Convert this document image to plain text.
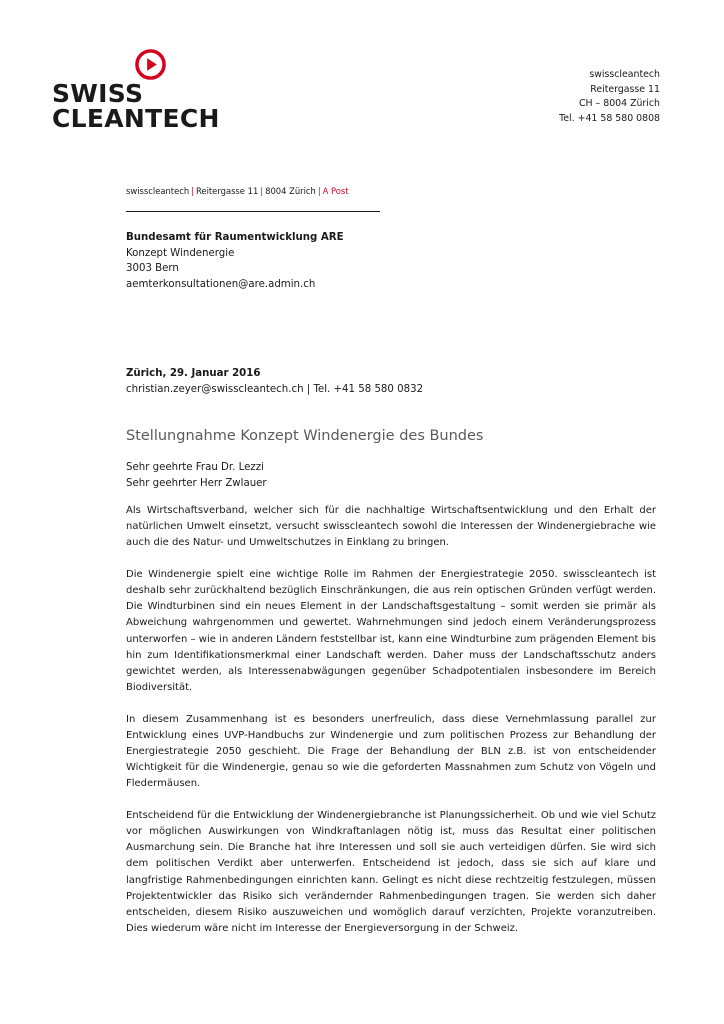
SWISS
CLEANTECH
swisscleantech
Reitergasse 11
CH – 8004 Zürich
Tel. +41 58 580 0808
swisscleantech | Reitergasse 11 | 8004 Zürich | A Post
Bundesamt für Raumentwicklung ARE
Konzept Windenergie
3003 Bern
aemterkonsultationen@are.admin.ch
Zürich, 29. Januar 2016
christian.zeyer@swisscleantech.ch | Tel. +41 58 580 0832
Stellungnahme Konzept Windenergie des Bundes
Sehr geehrte Frau Dr. Lezzi
Sehr geehrter Herr Zwlauer

Als Wirtschaftsverband, welcher sich für die nachhaltige Wirtschaftsentwicklung und den Erhalt der natürlichen Umwelt einsetzt, versucht swisscleantech sowohl die Interessen der Windenergiebrache wie auch die des Natur- und Umweltschutzes in Einklang zu bringen.

Die Windenergie spielt eine wichtige Rolle im Rahmen der Energiestrategie 2050. swisscleantech ist deshalb sehr zurückhaltend bezüglich Einschränkungen, die aus rein optischen Gründen verfügt werden. Die Windturbinen sind ein neues Element in der Landschaftsgestaltung – somit werden sie primär als Abweichung wahrgenommen und gewertet. Wahrnehmungen sind jedoch einem Veränderungsprozess unterworfen – wie in anderen Ländern feststellbar ist, kann eine Windturbine zum prägenden Element bis hin zum Identifikationsmerkmal einer Landschaft werden. Daher muss der Landschaftsschutz anders gewichtet werden, als Interessenabwägungen gegenüber Schadpotentialen insbesondere im Bereich Biodiversität.

In diesem Zusammenhang ist es besonders unerfreulich, dass diese Vernehmlassung parallel zur Entwicklung eines UVP-Handbuchs zur Windenergie und zum politischen Prozess zur Behandlung der Energiestrategie 2050 geschieht. Die Frage der Behandlung der BLN z.B. ist von entscheidender Wichtigkeit für die Windenergie, genau so wie die geforderten Massnahmen zum Schutz von Vögeln und Fledermäusen.

Entscheidend für die Entwicklung der Windenergiebranche ist Planungssicherheit. Ob und wie viel Schutz vor möglichen Auswirkungen von Windkraftanlagen nötig ist, muss das Resultat einer politischen Ausmarchung sein. Die Branche hat ihre Interessen und soll sie auch verteidigen dürfen. Sie wird sich dem politischen Verdikt aber unterwerfen. Entscheidend ist jedoch, dass sie sich auf klare und langfristige Rahmenbedingungen einrichten kann. Gelingt es nicht diese rechtzeitig festzulegen, müssen Projektentwickler das Risiko sich verändernder Rahmenbedingungen tragen. Sie werden sich daher entscheiden, diesem Risiko auszuweichen und womöglich darauf verzichten, Projekte voranzutreiben. Dies wiederum wäre nicht im Interesse der Energieversorgung in der Schweiz.
